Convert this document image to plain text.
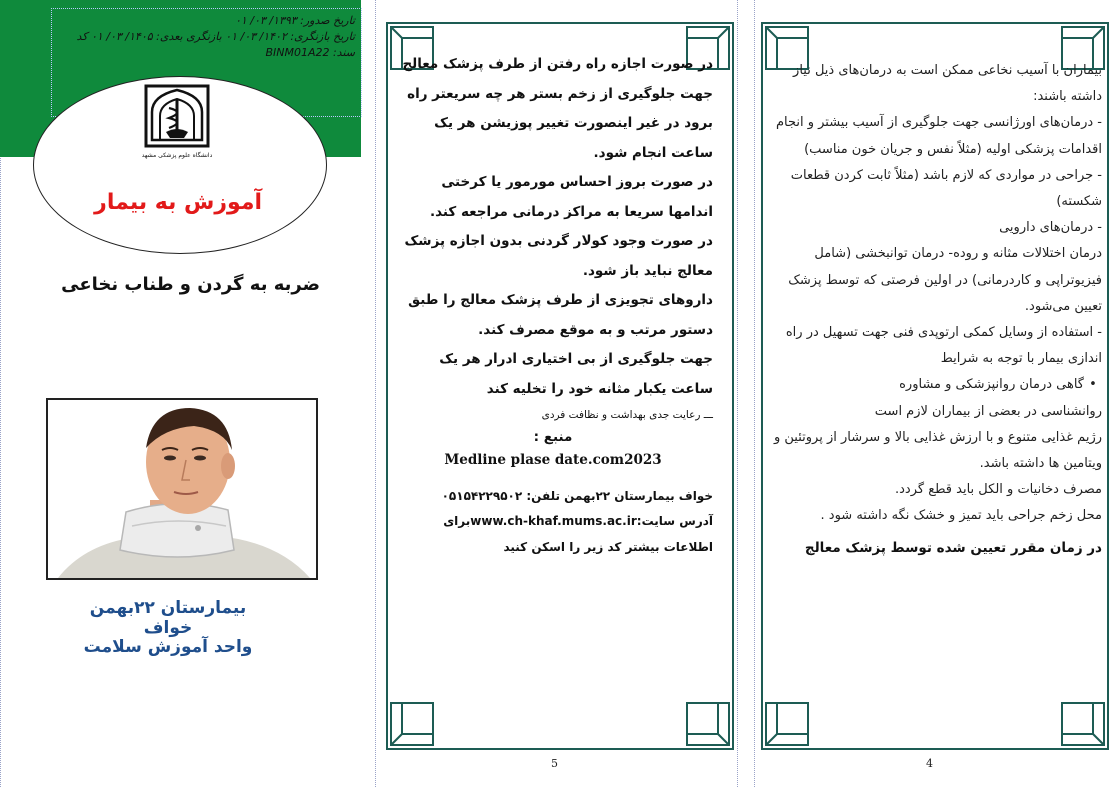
تاریخ صدور: ۱۳۹۳/ ۰۳/ ۰۱
تاریخ بازنگری: ۱۴۰۲/ ۰۳/ ۰۱ بازنگری بعدی: ۱۴۰۵/ ۰۳/ ۰۱ کد
سند: BINM01A22
دانشگاه علوم پزشکی مشهد
آموزش به بیمار
ضربه به گردن و طناب نخاعی
بیمارستان ۲۲بهمن خواف
واحد آموزش سلامت

در صورت اجازه راه رفتن از طرف پزشک معالج جهت جلوگیری از زخم بستر هر چه سریعتر راه برود در غیر اینصورت تغییر پوزیشن هر یک ساعت انجام شود.

در صورت بروز احساس مورمور یا کرختی اندامها سریعا به مراکز درمانی مراجعه کند.

در صورت وجود کولار گردنی بدون اجازه پزشک معالج نباید باز شود.

داروهای تجویزی از طرف پزشک معالج را طبق دستور مرتب و به موقع مصرف کند.

جهت جلوگیری از بی اختیاری ادرار هر یک ساعت یکبار مثانه خود را تخلیه کند

ـــ رعایت جدی بهداشت و نظافت فردی

منبع :

Medline plase date.com2023

خواف بیمارستان ۲۲بهمن تلفن: ۰۵۱۵۴۲۲۹۵۰۲

آدرس سایت:www.ch-khaf.mums.ac.irبرای اطلاعات بیشتر کد زیر را اسکن کنید

5

بیماران با آسیب نخاعی ممکن است به درمان‌های ذیل نیاز داشته باشند:

- درمان‌های اورژانسی جهت جلوگیری از آسیب بیشتر و انجام اقدامات پزشکی اولیه (مثلاً نفس و جریان خون مناسب)

- جراحی در مواردی که لازم باشد (مثلاً ثابت کردن قطعات شکسته)

- درمان‌های دارویی

درمان اختلالات مثانه و روده- درمان توانبخشی (شامل فیزیوتراپی و کاردرمانی) در اولین فرصتی که توسط پزشک تعیین می‌شود.

- استفاده از وسایل کمکی ارتوپدی فنی جهت تسهیل در راه اندازی بیمار با توجه به شرایط

• گاهی درمان روانپزشکی و مشاوره

روانشناسی در بعضی از بیماران لازم است

رژیم غذایی متنوع و با ارزش غذایی بالا و سرشار از پروتئین و ویتامین ها داشته باشد.

مصرف دخانیات و الکل باید قطع گردد.

محل زخم جراحی باید تمیز و خشک نگه داشته شود .

در زمان مقرر تعیین شده توسط پزشک معالج

4
